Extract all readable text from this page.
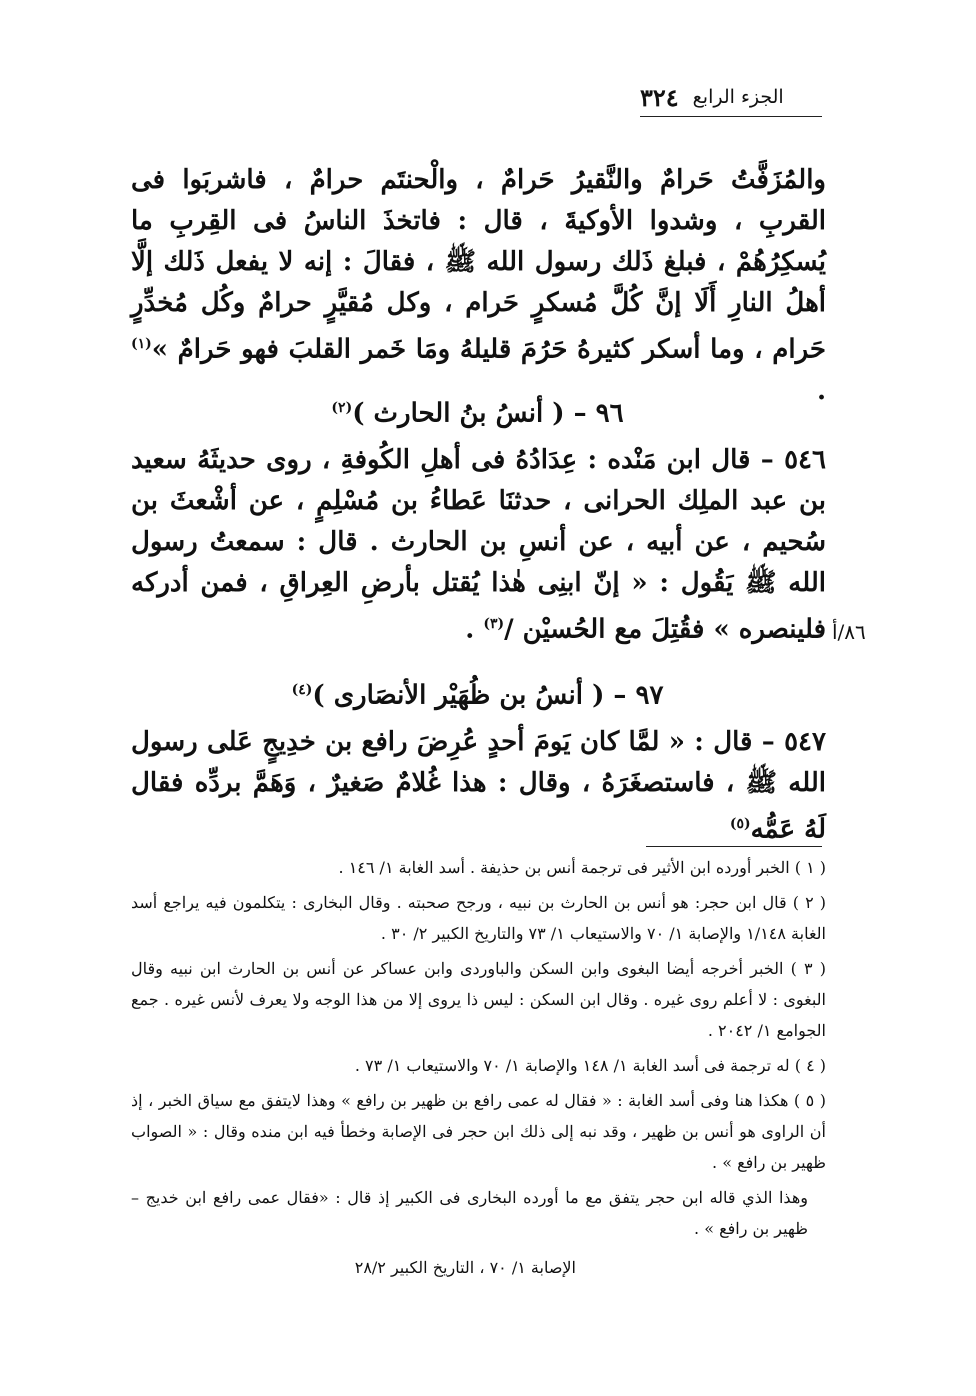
٣٢٤ الجزء الرابع
والمُزَفَّتُ حَرامٌ والنَّقيرُ حَرامٌ ، والْحنتَم حرامٌ ، فاشربَوا فى القربِ ، وشدوا الأوكيةَ ، قال : فاتخذَ الناسُ فى القِربِ ما يُسكِرُهُمْ ، فبلغ ذَلك رسول الله ﷺ ، فقالَ : إنه لا يفعل ذَلك إلَّا أهلُ النارِ أَلَا إنَّ كُلَّ مُسكرٍ حَرام ، وكل مُقيَّرٍ حرامٌ وكُل مُخدِّرٍ حَرام ، وما أسكر كثيرهُ حَرُمَ قليلهُ ومَا خَمر القلبَ فهو حَرامٌ »$^{(١)}$ .
٩٦ – ( أنسُ بنُ الحارث )$^{(٢)}$
٥٤٦ – قال ابن مَنْده : عِدَادُهُ فى أهلِ الكُوفةِ ، روى حديثَهُ سعيد بن عبد الملِك الحرانى ، حدثنَا عَطاءُ بن مُسْلِمٍ ، عن أشْعثَ بن سُحيم ، عن أبيه ، عن أنسِ بن الحارث . قال : سمعتُ رسول الله ﷺ يَقُول : « إنّ ابنِى هٰذا يُقتل بأرضِ العِراقِ ، فمن أدركه فلينصره » فقُتِلَ مع الحُسيْن /$^{(٣)}$ .	٨٦/أ
٩٧ – ( أنسُ بن ظُهَيْر الأنصَارى )$^{(٤)}$
٥٤٧ – قال : « لمَّا كان يَومَ أحدٍ عُرِضَ رافع بن خدِيجٍ عَلى رسول الله ﷺ ، فاستصغَرَهُ ، وقال : هذا غُلامٌ صَغيرٌ ، وَهَمَّ بردِّه فقال لَهُ عَمُّه$^{(٥)}$

( ١ ) الخبر أورده ابن الأثير فى ترجمة أنس بن حذيفة . أسد الغابة ١/ ١٤٦ .

( ٢ ) قال ابن حجر: هو أنس بن الحارث بن نبيه ، ورجح صحبته . وقال البخارى : يتكلمون فيه يراجع أسد الغابة ١/١٤٨ والإصابة ١/ ٧٠ والاستيعاب ١/ ٧٣ والتاريخ الكبير ٢/ ٣٠ .

( ٣ ) الخبر أخرجه أيضا البغوى وابن السكن والباوردى وابن عساكر عن أنس بن الحارث ابن نبيه وقال البغوى : لا أعلم روى غيره . وقال ابن السكن : ليس ذا يروى إلا من هذا الوجه ولا يعرف لأنس غيره . جمع الجوامع ١/ ٢٠٤٢ .

( ٤ ) له ترجمة فى أسد الغابة ١/ ١٤٨ والإصابة ١/ ٧٠ والاستيعاب ١/ ٧٣ .

( ٥ ) هكذا هنا وفى أسد الغابة : « فقال له عمى رافع بن ظهير بن رافع » وهذا لايتفق مع سياق الخبر ، إذ أن الراوى هو أنس بن ظهير ، وقد نبه إلى ذلك ابن حجر فى الإصابة وخطأ فيه ابن منده وقال : « الصواب ظهير بن رافع » .

وهذا الذي قاله ابن حجر يتفق مع ما أورده البخارى فى الكبير إذ قال : «فقال عمى رافع ابن خديج – ظهير بن رافع » .

الإصابة ١/ ٧٠ ، التاريخ الكبير ٢٨/٢
